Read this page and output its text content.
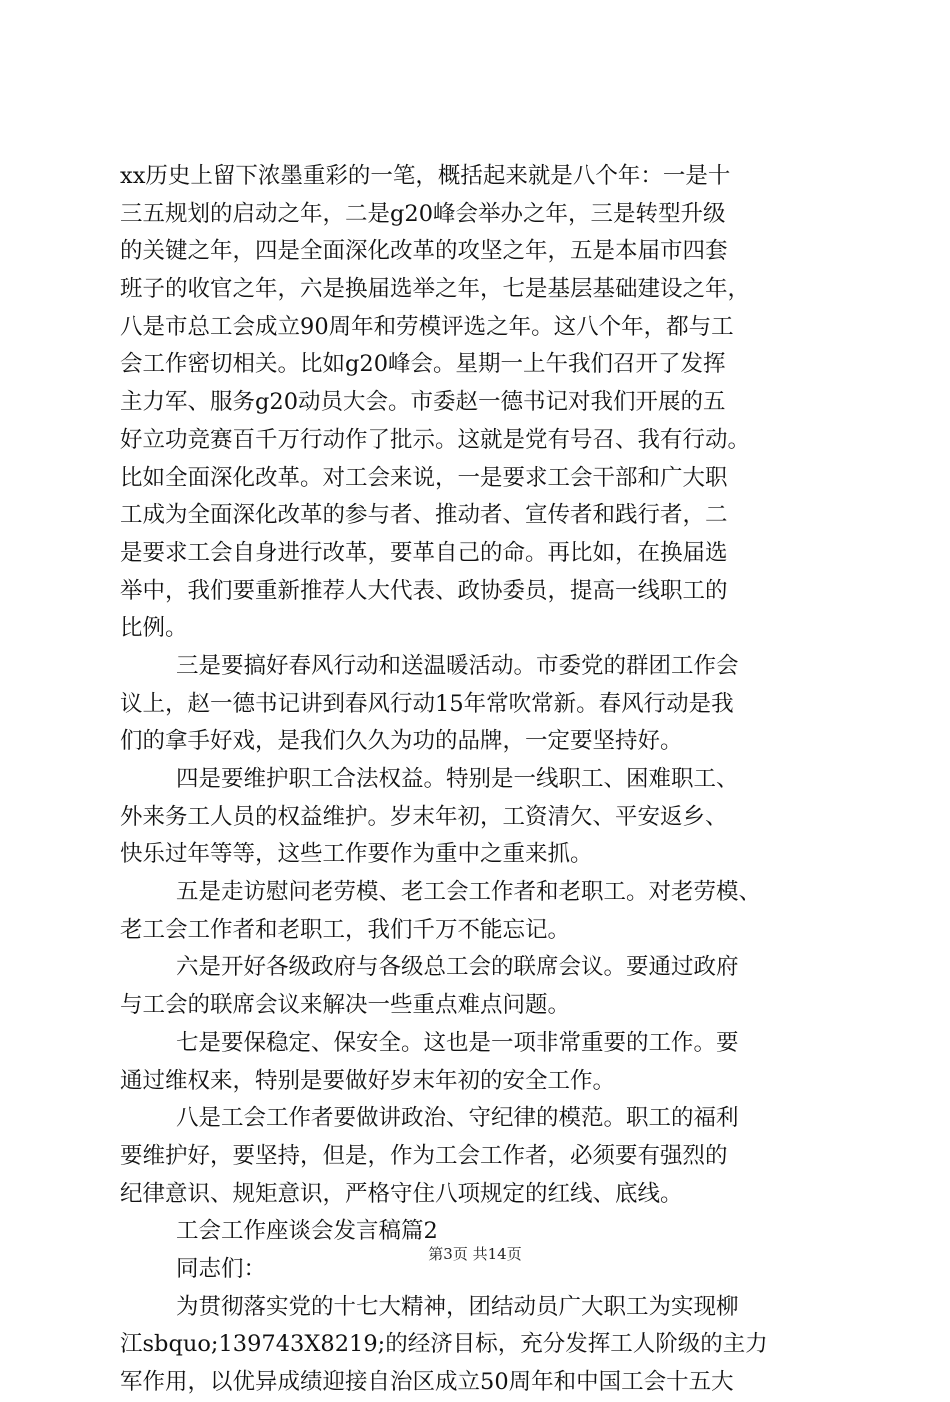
xx历史上留下浓墨重彩的一笔，概括起来就是八个年：一是十
三五规划的启动之年，二是g20峰会举办之年，三是转型升级
的关键之年，四是全面深化改革的攻坚之年，五是本届市四套
班子的收官之年，六是换届选举之年，七是基层基础建设之年，
八是市总工会成立90周年和劳模评选之年。这八个年，都与工
会工作密切相关。比如g20峰会。星期一上午我们召开了发挥
主力军、服务g20动员大会。市委赵一德书记对我们开展的五
好立功竞赛百千万行动作了批示。这就是党有号召、我有行动。
比如全面深化改革。对工会来说，一是要求工会干部和广大职
工成为全面深化改革的参与者、推动者、宣传者和践行者，二
是要求工会自身进行改革，要革自己的命。再比如，在换届选
举中，我们要重新推荐人大代表、政协委员，提高一线职工的
比例。
三是要搞好春风行动和送温暖活动。市委党的群团工作会
议上，赵一德书记讲到春风行动15年常吹常新。春风行动是我
们的拿手好戏，是我们久久为功的品牌，一定要坚持好。
四是要维护职工合法权益。特别是一线职工、困难职工、
外来务工人员的权益维护。岁末年初，工资清欠、平安返乡、
快乐过年等等，这些工作要作为重中之重来抓。
五是走访慰问老劳模、老工会工作者和老职工。对老劳模、
老工会工作者和老职工，我们千万不能忘记。
六是开好各级政府与各级总工会的联席会议。要通过政府
与工会的联席会议来解决一些重点难点问题。
七是要保稳定、保安全。这也是一项非常重要的工作。要
通过维权来，特别是要做好岁末年初的安全工作。
八是工会工作者要做讲政治、守纪律的模范。职工的福利
要维护好，要坚持，但是，作为工会工作者，必须要有强烈的
纪律意识、规矩意识，严格守住八项规定的红线、底线。
工会工作座谈会发言稿篇2
同志们：
为贯彻落实党的十七大精神，团结动员广大职工为实现柳
江sbquo;139743X8219;的经济目标，充分发挥工人阶级的主力
军作用，以优异成绩迎接自治区成立50周年和中国工会十五大
第3页 共14页
